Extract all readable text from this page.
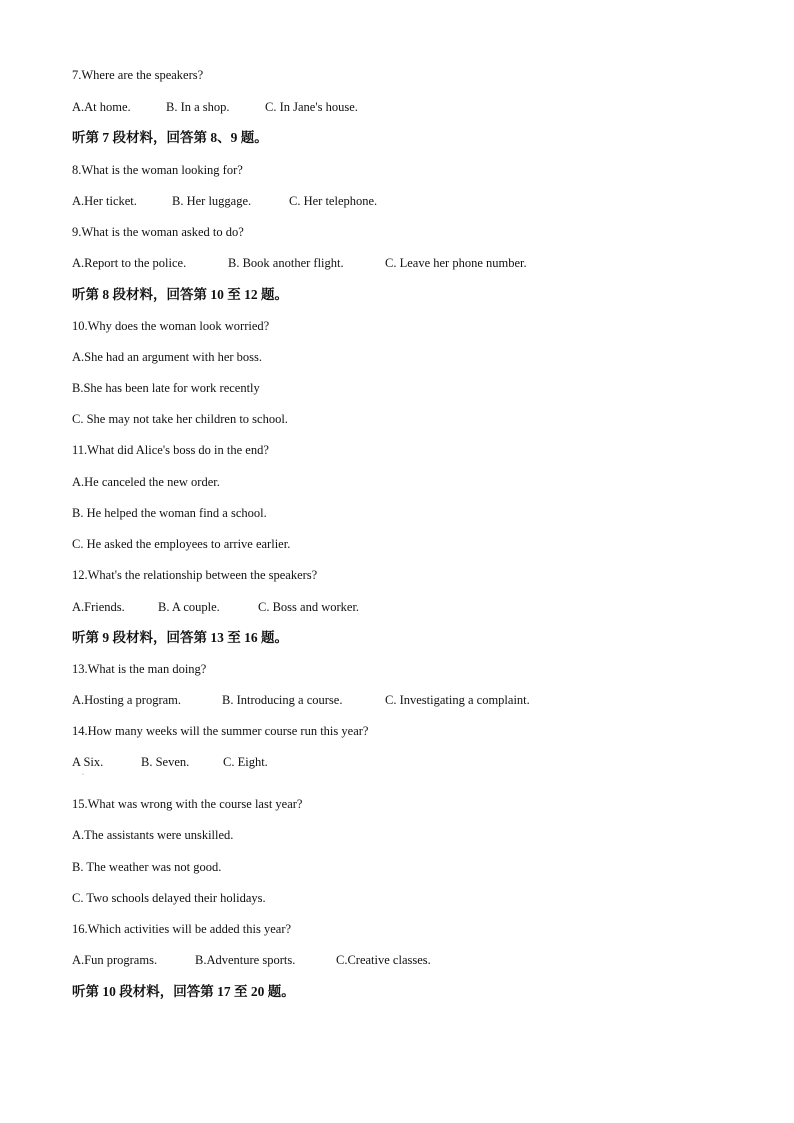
7.Where are the speakers?
A.At home.	B. In a shop.	C. In Jane's house.
听第 7 段材料，回答第 8、9 题。
8.What is the woman looking for?
A.Her ticket.	B. Her luggage.	C. Her telephone.
9.What is the woman asked to do?
A.Report to the police.	B. Book another flight.	C. Leave her phone number.
听第 8 段材料，回答第 10 至 12 题。
10.Why does the woman look worried?
A.She had an argument with her boss.
B.She has been late for work recently
C. She may not take her children to school.
11.What did Alice's boss do in the end?
A.He canceled the new order.
B. He helped the woman find a school.
C. He asked the employees to arrive earlier.
12.What's the relationship between the speakers?
A.Friends.	B. A couple.	C. Boss and worker.
听第 9 段材料，回答第 13 至 16 题。
13.What is the man doing?
A.Hosting a program.	B. Introducing a course.	C. Investigating a complaint.
14.How many weeks will the summer course run this year?
A Six.	B. Seven.	C. Eight.
15.What was wrong with the course last year?
A.The assistants were unskilled.
B. The weather was not good.
C. Two schools delayed their holidays.
16.Which activities will be added this year?
A.Fun programs.	B.Adventure sports.	C.Creative classes.
听第 10 段材料，回答第 17 至 20 题。
·
